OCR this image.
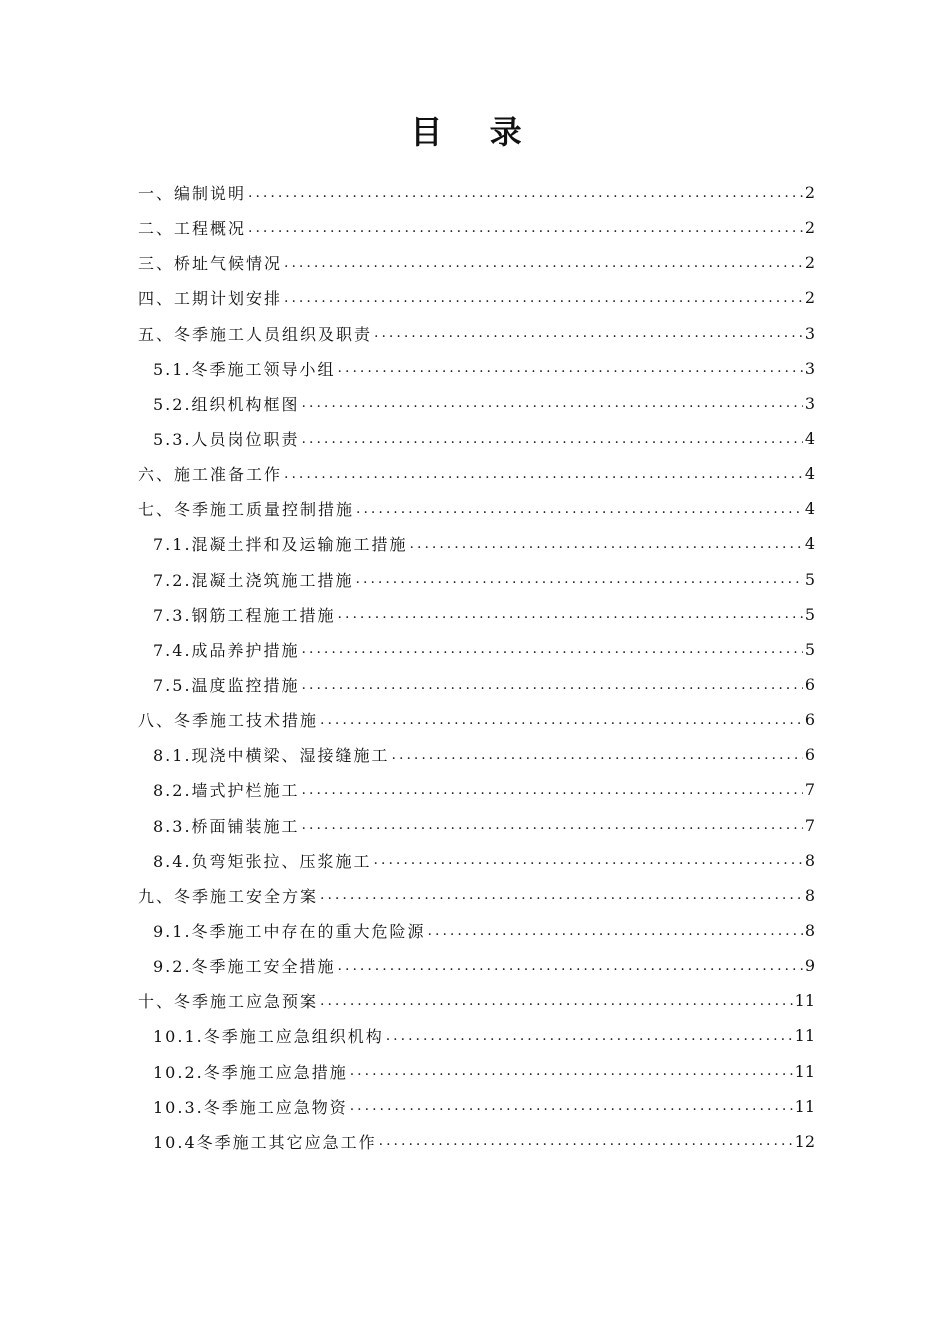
目 录
一、编制说明 .....	2
二、工程概况 .....	2
三、桥址气候情况 .....	2
四、工期计划安排 .....	2
五、冬季施工人员组织及职责 .....	3
5.1.冬季施工领导小组 .....	3
5.2.组织机构框图 .....	3
5.3.人员岗位职责 .....	4
六、施工准备工作 .....	4
七、冬季施工质量控制措施 .....	4
7.1.混凝土拌和及运输施工措施 .....	4
7.2.混凝土浇筑施工措施 .....	5
7.3.钢筋工程施工措施 .....	5
7.4.成品养护措施 .....	5
7.5.温度监控措施 .....	6
八、冬季施工技术措施 .....	6
8.1.现浇中横梁、湿接缝施工 .....	6
8.2.墙式护栏施工 .....	7
8.3.桥面铺装施工 .....	7
8.4.负弯矩张拉、压浆施工 .....	8
九、冬季施工安全方案 .....	8
9.1.冬季施工中存在的重大危险源 .....	8
9.2.冬季施工安全措施 .....	9
十、冬季施工应急预案 .....	11
10.1.冬季施工应急组织机构 .....	11
10.2.冬季施工应急措施 .....	11
10.3.冬季施工应急物资 .....	11
10.4冬季施工其它应急工作 .....	12
